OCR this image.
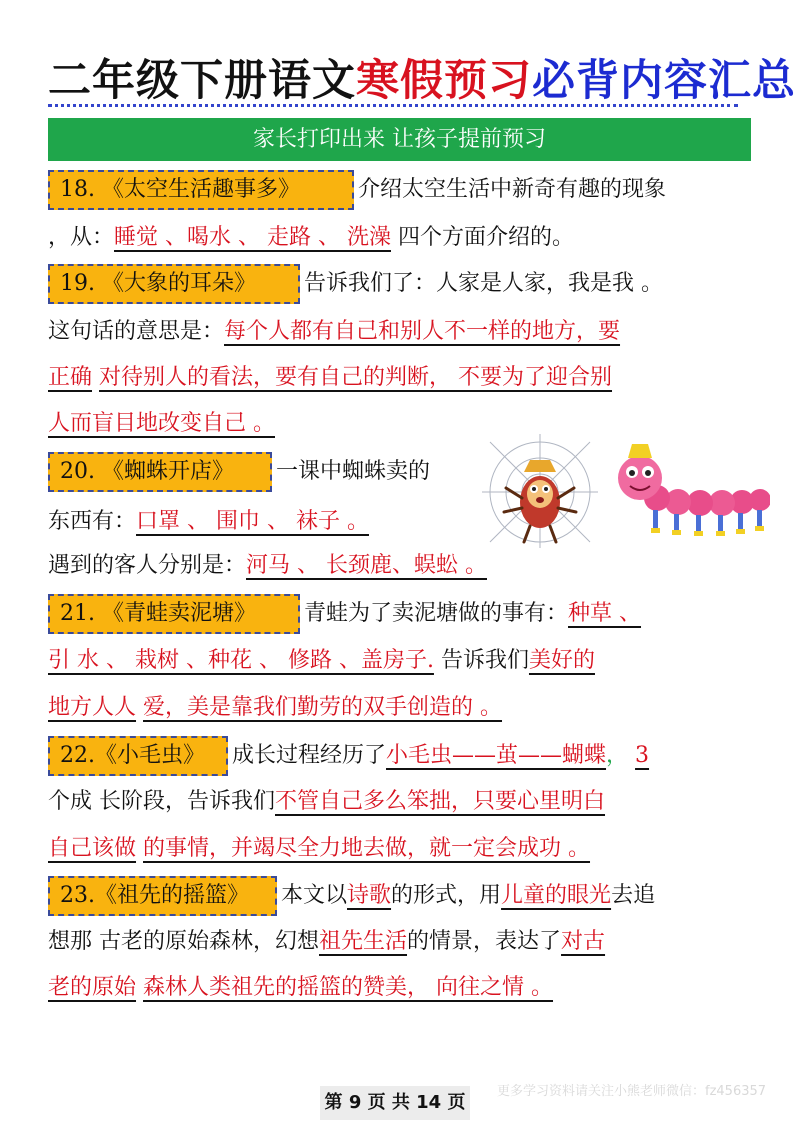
二年级下册语文寒假预习必背内容汇总
家长打印出来 让孩子提前预习
18. 《太空生活趣事多》	介绍太空生活中新奇有趣的现象
，从：睡觉 、喝水 、 走路 、 洗澡 四个方面介绍的。
19. 《大象的耳朵》 告诉我们了：人家是人家，我是我 。
这句话的意思是：每个人都有自己和别人不一样的地方，要
正确 对待别人的看法，要有自己的判断， 不要为了迎合别
人而盲目地改变自己 。
20. 《蜘蛛开店》 一课中蜘蛛卖的
东西有：口罩 、 围巾 、 袜子 。
遇到的客人分别是：河马 、 长颈鹿、蜈蚣 。
21. 《青蛙卖泥塘》 青蛙为了卖泥塘做的事有：种草 、
引 水 、 栽树 、种花 、 修路 、盖房子. 告诉我们美好的
地方人人 爱，美是靠我们勤劳的双手创造的 。
22.《小毛虫》 成长过程经历了小毛虫——茧——蝴蝶， 3
个成 长阶段，告诉我们不管自己多么笨拙，只要心里明白
自己该做 的事情，并竭尽全力地去做，就一定会成功 。
23.《祖先的摇篮》 本文以诗歌的形式，用儿童的眼光去追
想那 古老的原始森林，幻想祖先生活的情景，表达了对古
老的原始 森林人类祖先的摇篮的赞美， 向往之情 。
更多学习资料请关注小熊老师微信：fz456357
第 9 页 共 14 页
